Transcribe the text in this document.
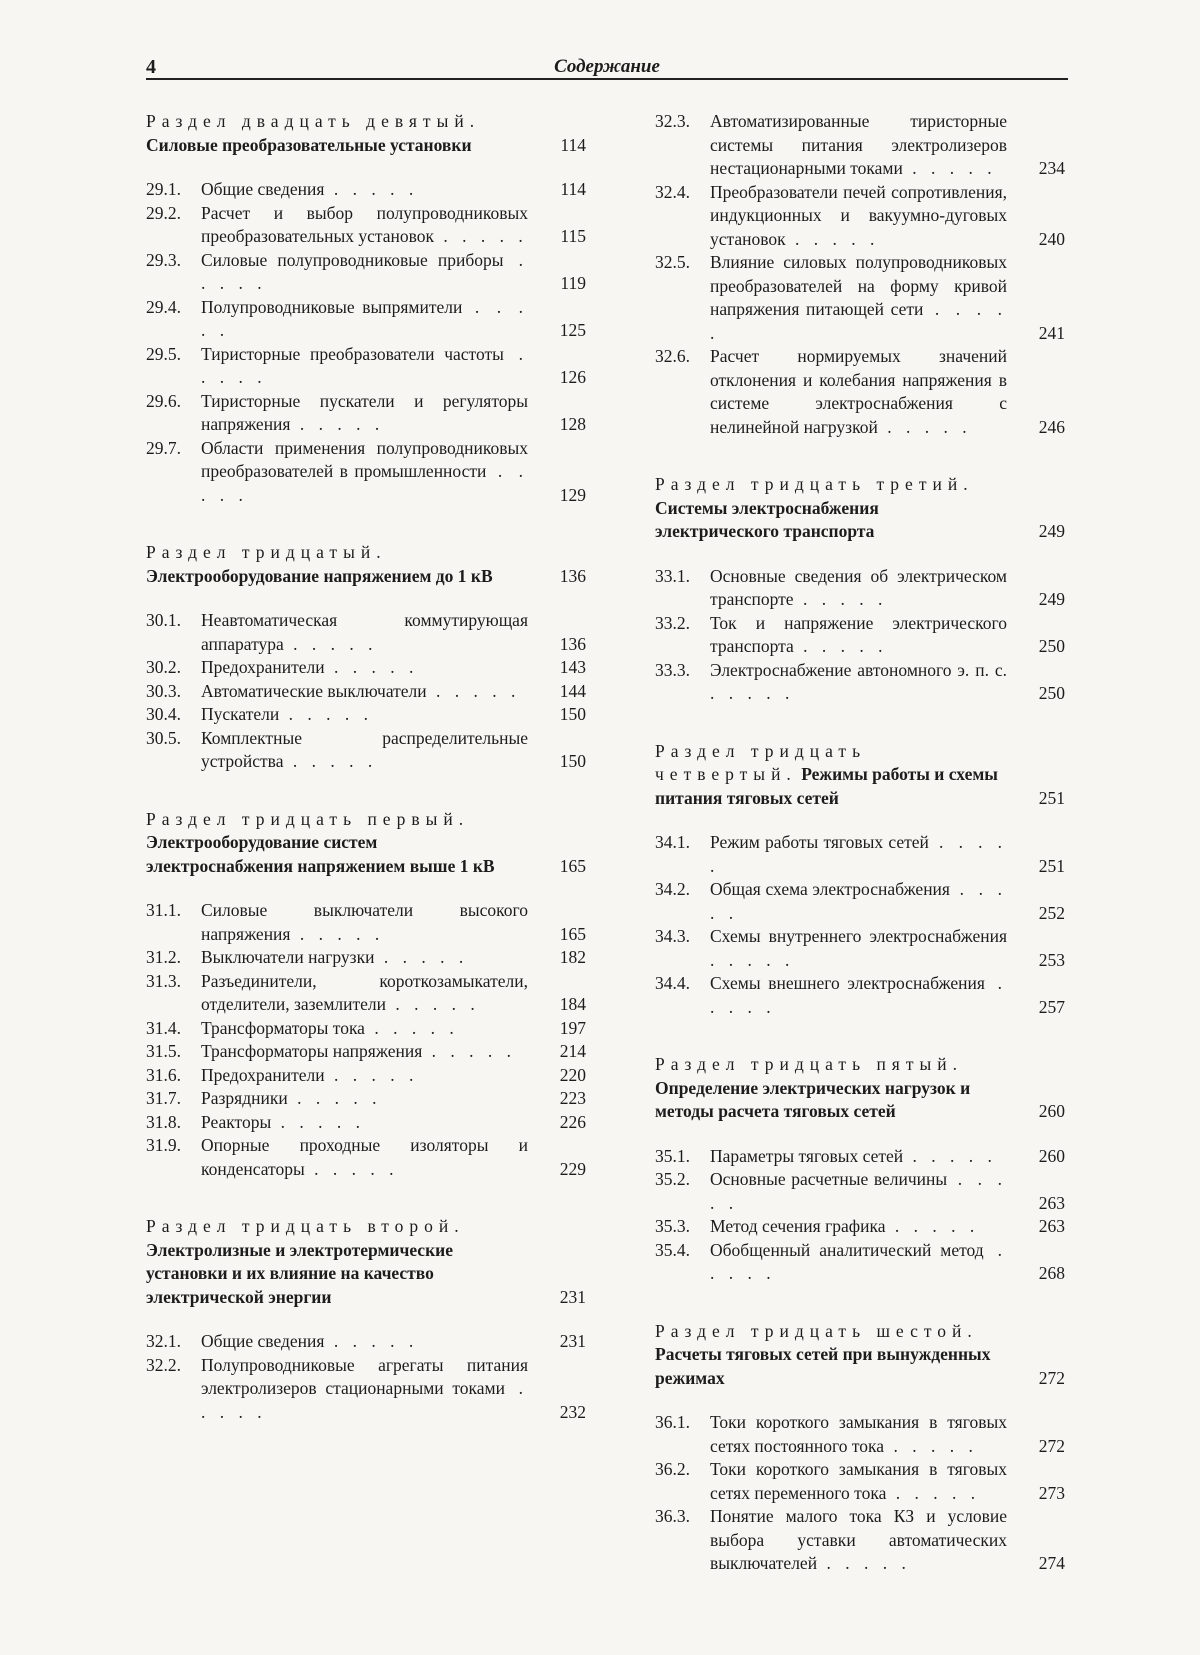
4	Содержание
Раздел двадцать девятый. Силовые преобразовательные установки	114
29.1. Общие сведения . . . . .	114
29.2. Расчет и выбор полупроводниковых преобразовательных установок . . . . . 115
29.3. Силовые полупроводниковые приборы . . . . .	119
29.4. Полупроводниковые выпрямители . . . . .	125
29.5. Тиристорные преобразователи частоты . . . . .	126
29.6. Тиристорные пускатели и регуляторы напряжения . . . . .	128
29.7. Области применения полупроводниковых преобразователей в промышленности . . . . .	129
Раздел тридцатый. Электрооборудование напряжением до 1 кВ	136
30.1. Неавтоматическая коммутирующая аппаратура . . . . .	136
30.2. Предохранители . . . . .	143
30.3. Автоматические выключатели . . . . .	144
30.4. Пускатели . . . . .	150
30.5. Комплектные распределительные устройства . . . . .	150
Раздел тридцать первый. Электрооборудование систем электроснабжения напряжением выше 1 кВ	165
31.1. Силовые выключатели высокого напряжения . . . . .	165
31.2. Выключатели нагрузки . . . . .	182
31.3. Разъединители, короткозамыкатели, отделители, заземлители . . . . .	184
31.4. Трансформаторы тока . . . . .	197
31.5. Трансформаторы напряжения . . . . .	214
31.6. Предохранители . . . . .	220
31.7. Разрядники . . . . .	223
31.8. Реакторы . . . . .	226
31.9. Опорные проходные изоляторы и конденсаторы . . . . .	229
Раздел тридцать второй. Электролизные и электротермические установки и их влияние на качество электрической энергии	231
32.1. Общие сведения . . . . .	231
32.2. Полупроводниковые агрегаты питания электролизеров стационарными токами . . . . .	232
32.3. Автоматизированные тиристорные системы питания электролизеров нестационарными токами . . . . .	234
32.4. Преобразователи печей сопротивления, индукционных и вакуумно-дуговых установок . . . . .	240
32.5. Влияние силовых полупроводниковых преобразователей на форму кривой напряжения питающей сети . . . . .	241
32.6. Расчет нормируемых значений отклонения и колебания напряжения в системе электроснабжения с нелинейной нагрузкой . . . . .	246
Раздел тридцать третий. Системы электроснабжения электрического транспорта	249
33.1. Основные сведения об электрическом транспорте . . . . .	249
33.2. Ток и напряжение электрического транспорта . . . . .	250
33.3. Электроснабжение автономного э. п. с. . . . . .	250
Раздел тридцать четвертый. Режимы работы и схемы питания тяговых сетей	251
34.1. Режим работы тяговых сетей . . . . .	251
34.2. Общая схема электроснабжения . . . . .	252
34.3. Схемы внутреннего электроснабжения . . . . .	253
34.4. Схемы внешнего электроснабжения . . . . .	257
Раздел тридцать пятый. Определение электрических нагрузок и методы расчета тяговых сетей	260
35.1. Параметры тяговых сетей . . . . .	260
35.2. Основные расчетные величины . . . . .	263
35.3. Метод сечения графика . . . . .	263
35.4. Обобщенный аналитический метод . . . . .	268
Раздел тридцать шестой. Расчеты тяговых сетей при вынужденных режимах	272
36.1. Токи короткого замыкания в тяговых сетях постоянного тока . . . . .	272
36.2. Токи короткого замыкания в тяговых сетях переменного тока . . . . .	273
36.3. Понятие малого тока КЗ и условие выбора уставки автоматических выключателей . . . . .	274
